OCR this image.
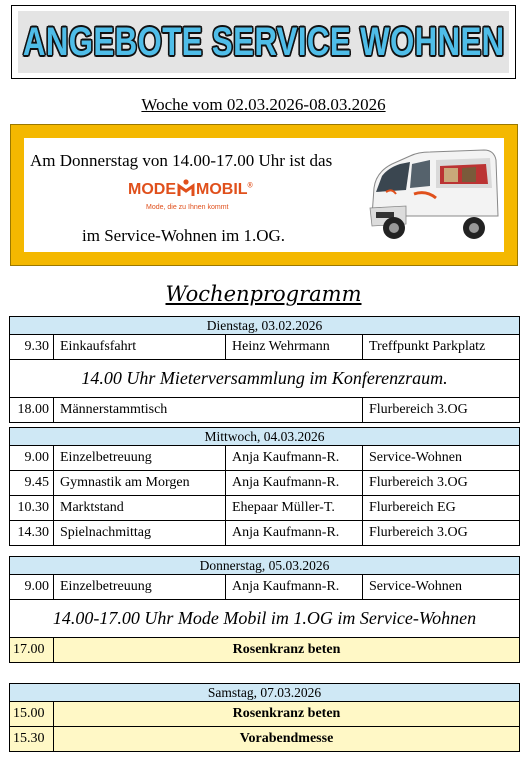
ANGEBOTE SERVICE WOHNEN
Woche vom 02.03.2026-08.03.2026
Am Donnerstag von 14.00-17.00 Uhr ist das
MODE MOBIL®
Mode, die zu Ihnen kommt
im Service-Wohnen im 1.OG.
Wochenprogramm
Dienstag, 03.02.2026			
9.30	Einkaufsfahrt	Heinz Wehrmann	Treffpunkt Parkplatz
14.00 Uhr Mieterversammlung im Konferenzraum.			
18.00	Männerstammtisch		Flurbereich 3.OG
Mittwoch, 04.03.2026			
9.00	Einzelbetreuung	Anja Kaufmann-R.	Service-Wohnen
9.45	Gymnastik am Morgen	Anja Kaufmann-R.	Flurbereich 3.OG
10.30	Marktstand	Ehepaar Müller-T.	Flurbereich EG
14.30	Spielnachmittag	Anja Kaufmann-R.	Flurbereich 3.OG
Donnerstag, 05.03.2026			
9.00	Einzelbetreuung	Anja Kaufmann-R.	Service-Wohnen
14.00-17.00 Uhr Mode Mobil im 1.OG im Service-Wohnen			
17.00	Rosenkranz beten		
Samstag, 07.03.2026	
15.00	Rosenkranz beten
15.30	Vorabendmesse
